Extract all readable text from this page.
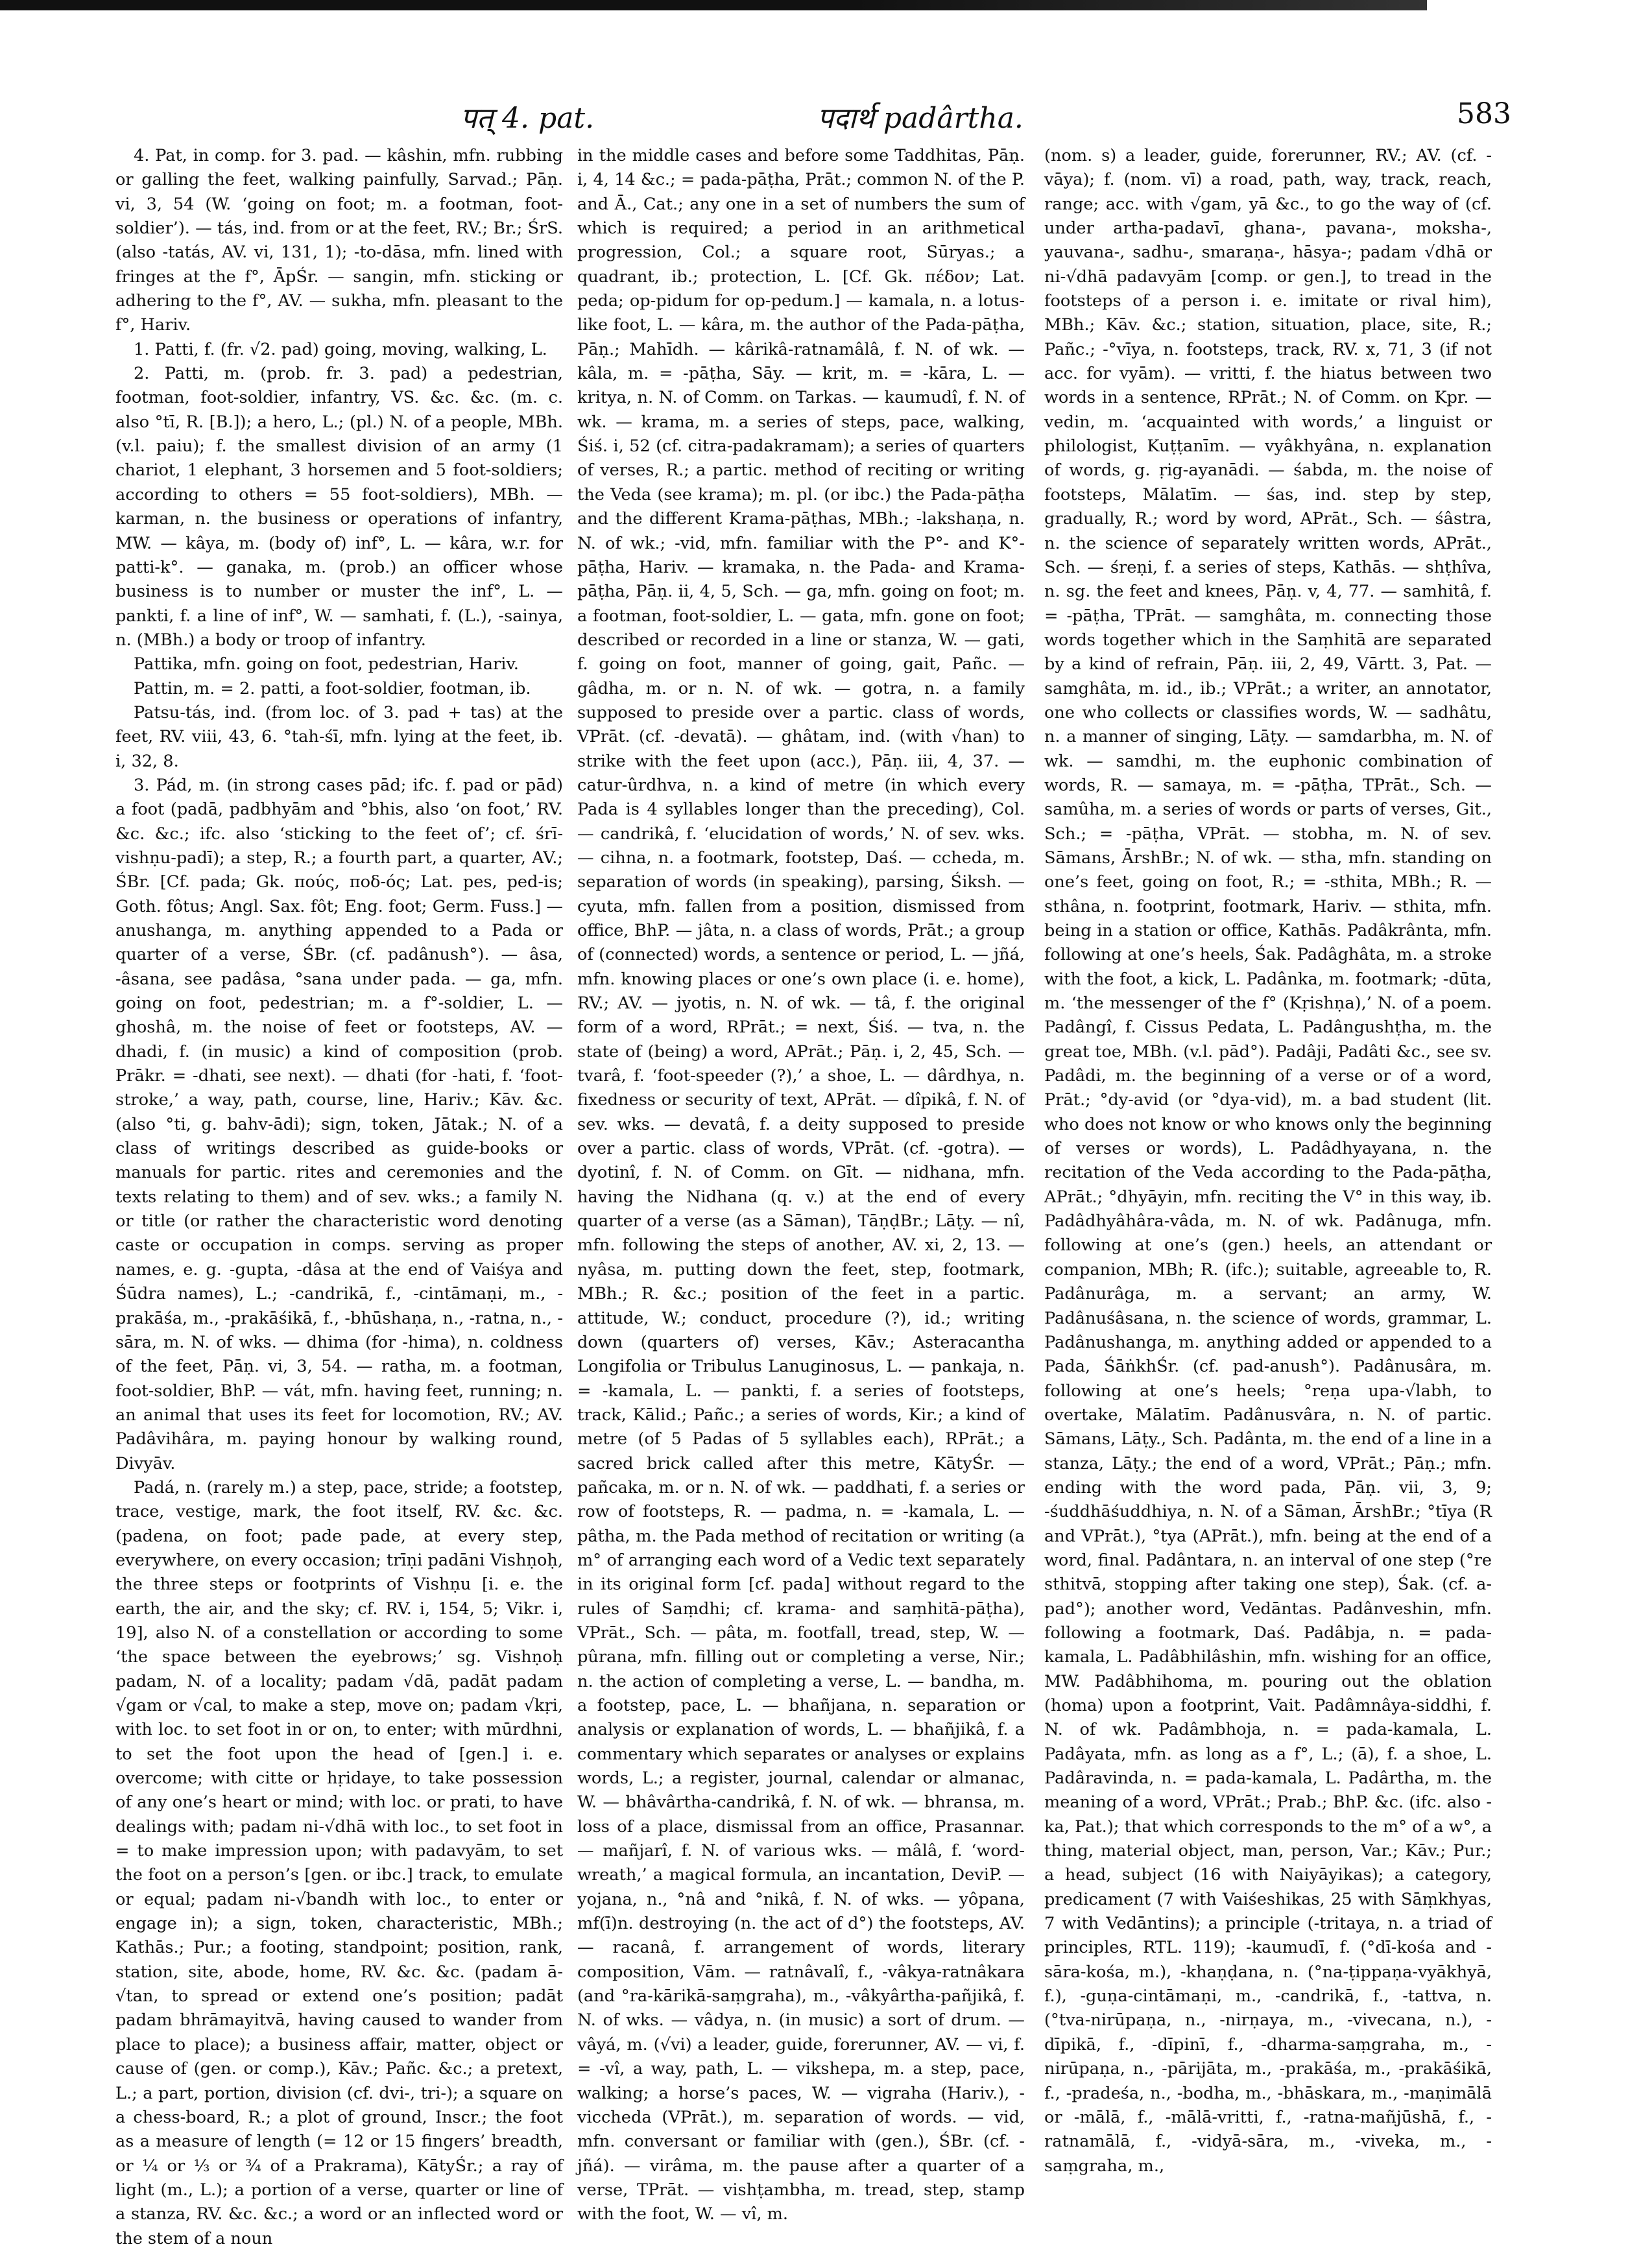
पत् 4. pat.	पदार्थ padârtha.	583

4. Pat, in comp. for 3. pad. — kâshin, mfn. rubbing or galling the feet, walking painfully, Sarvad.; Pāṇ. vi, 3, 54 (W. ‘going on foot; m. a footman, foot-soldier’). — tás, ind. from or at the feet, RV.; Br.; ŚrS. (also -tatás, AV. vi, 131, 1); -to-dāsa, mfn. lined with fringes at the f°, ĀpŚr. — sangin, mfn. sticking or adhering to the f°, AV. — sukha, mfn. pleasant to the f°, Hariv.

1. Patti, f. (fr. √2. pad) going, moving, walking, L.

2. Patti, m. (prob. fr. 3. pad) a pedestrian, footman, foot-soldier, infantry, VS. &c. &c. (m. c. also °tī, R. [B.]); a hero, L.; (pl.) N. of a people, MBh. (v.l. paiu); f. the smallest division of an army (1 chariot, 1 elephant, 3 horsemen and 5 foot-soldiers; according to others = 55 foot-soldiers), MBh. — karman, n. the business or operations of infantry, MW. — kâya, m. (body of) inf°, L. — kâra, w.r. for patti-k°. — ganaka, m. (prob.) an officer whose business is to number or muster the inf°, L. — pankti, f. a line of inf°, W. — samhati, f. (L.), -sainya, n. (MBh.) a body or troop of infantry.

Pattika, mfn. going on foot, pedestrian, Hariv.

Pattin, m. = 2. patti, a foot-soldier, footman, ib.

Patsu-tás, ind. (from loc. of 3. pad + tas) at the feet, RV. viii, 43, 6. °tah-śī, mfn. lying at the feet, ib. i, 32, 8.

3. Pád, m. (in strong cases pād; ifc. f. pad or pād) a foot (padā, padbhyām and °bhis, also ‘on foot,’ RV. &c. &c.; ifc. also ‘sticking to the feet of’; cf. śrī-vishṇu-padī); a step, R.; a fourth part, a quarter, AV.; ŚBr. [Cf. pada; Gk. πούς, ποδ-ός; Lat. pes, ped-is; Goth. fôtus; Angl. Sax. fôt; Eng. foot; Germ. Fuss.] — anushanga, m. anything appended to a Pada or quarter of a verse, ŚBr. (cf. padânush°). — âsa, -âsana, see padâsa, °sana under pada. — ga, mfn. going on foot, pedestrian; m. a f°-soldier, L. — ghoshâ, m. the noise of feet or footsteps, AV. — dhadi, f. (in music) a kind of composition (prob. Prākr. = -dhati, see next). — dhati (for -hati, f. ‘foot-stroke,’ a way, path, course, line, Hariv.; Kāv. &c. (also °ti, g. bahv-ādi); sign, token, Jātak.; N. of a class of writings described as guide-books or manuals for partic. rites and ceremonies and the texts relating to them) and of sev. wks.; a family N. or title (or rather the characteristic word denoting caste or occupation in comps. serving as proper names, e. g. -gupta, -dâsa at the end of Vaiśya and Śūdra names), L.; -candrikā, f., -cintāmaṇi, m., -prakāśa, m., -prakāśikā, f., -bhūshaṇa, n., -ratna, n., -sāra, m. N. of wks. — dhima (for -hima), n. coldness of the feet, Pāṇ. vi, 3, 54. — ratha, m. a footman, foot-soldier, BhP. — vát, mfn. having feet, running; n. an animal that uses its feet for locomotion, RV.; AV. Padâvihâra, m. paying honour by walking round, Divyāv.

Padá, n. (rarely m.) a step, pace, stride; a footstep, trace, vestige, mark, the foot itself, RV. &c. &c. (padena, on foot; pade pade, at every step, everywhere, on every occasion; trīṇi padāni Vishṇoḥ, the three steps or footprints of Vishṇu [i. e. the earth, the air, and the sky; cf. RV. i, 154, 5; Vikr. i, 19], also N. of a constellation or according to some ‘the space between the eyebrows;’ sg. Vishṇoḥ padam, N. of a locality; padam √dā, padāt padam √gam or √cal, to make a step, move on; padam √kṛi, with loc. to set foot in or on, to enter; with mūrdhni, to set the foot upon the head of [gen.] i. e. overcome; with citte or hṛidaye, to take possession of any one’s heart or mind; with loc. or prati, to have dealings with; padam ni-√dhā with loc., to set foot in = to make impression upon; with padavyām, to set the foot on a person’s [gen. or ibc.] track, to emulate or equal; padam ni-√bandh with loc., to enter or engage in); a sign, token, characteristic, MBh.; Kathās.; Pur.; a footing, standpoint; position, rank, station, site, abode, home, RV. &c. &c. (padam ā-√tan, to spread or extend one’s position; padāt padam bhrāmayitvā, having caused to wander from place to place); a business affair, matter, object or cause of (gen. or comp.), Kāv.; Pañc. &c.; a pretext, L.; a part, portion, division (cf. dvi-, tri-); a square on a chess-board, R.; a plot of ground, Inscr.; the foot as a measure of length (= 12 or 15 fingers’ breadth, or ¼ or ⅓ or ¾ of a Prakrama), KātyŚr.; a ray of light (m., L.); a portion of a verse, quarter or line of a stanza, RV. &c. &c.; a word or an inflected word or the stem of a noun

in the middle cases and before some Taddhitas, Pāṇ. i, 4, 14 &c.; = pada-pāṭha, Prāt.; common N. of the P. and Ā., Cat.; any one in a set of numbers the sum of which is required; a period in an arithmetical progression, Col.; a square root, Sūryas.; a quadrant, ib.; protection, L. [Cf. Gk. πέδον; Lat. peda; op-pidum for op-pedum.] — kamala, n. a lotus-like foot, L. — kâra, m. the author of the Pada-pāṭha, Pāṇ.; Mahīdh. — kârikâ-ratnamâlâ, f. N. of wk. — kâla, m. = -pāṭha, Sāy. — krit, m. = -kāra, L. — kritya, n. N. of Comm. on Tarkas. — kaumudî, f. N. of wk. — krama, m. a series of steps, pace, walking, Śiś. i, 52 (cf. citra-padakramam); a series of quarters of verses, R.; a partic. method of reciting or writing the Veda (see krama); m. pl. (or ibc.) the Pada-pāṭha and the different Krama-pāṭhas, MBh.; -lakshaṇa, n. N. of wk.; -vid, mfn. familiar with the P°- and K°-pāṭha, Hariv. — kramaka, n. the Pada- and Krama-pāṭha, Pāṇ. ii, 4, 5, Sch. — ga, mfn. going on foot; m. a footman, foot-soldier, L. — gata, mfn. gone on foot; described or recorded in a line or stanza, W. — gati, f. going on foot, manner of going, gait, Pañc. — gâdha, m. or n. N. of wk. — gotra, n. a family supposed to preside over a partic. class of words, VPrāt. (cf. -devatā). — ghâtam, ind. (with √han) to strike with the feet upon (acc.), Pāṇ. iii, 4, 37. — catur-ûrdhva, n. a kind of metre (in which every Pada is 4 syllables longer than the preceding), Col. — candrikâ, f. ‘elucidation of words,’ N. of sev. wks. — cihna, n. a footmark, footstep, Daś. — ccheda, m. separation of words (in speaking), parsing, Śiksh. — cyuta, mfn. fallen from a position, dismissed from office, BhP. — jâta, n. a class of words, Prāt.; a group of (connected) words, a sentence or period, L. — jñá, mfn. knowing places or one’s own place (i. e. home), RV.; AV. — jyotis, n. N. of wk. — tâ, f. the original form of a word, RPrāt.; = next, Śiś. — tva, n. the state of (being) a word, APrāt.; Pāṇ. i, 2, 45, Sch. — tvarâ, f. ‘foot-speeder (?),’ a shoe, L. — dârdhya, n. fixedness or security of text, APrāt. — dîpikâ, f. N. of sev. wks. — devatâ, f. a deity supposed to preside over a partic. class of words, VPrāt. (cf. -gotra). — dyotinî, f. N. of Comm. on Gīt. — nidhana, mfn. having the Nidhana (q. v.) at the end of every quarter of a verse (as a Sāman), TāṇḍBr.; Lāṭy. — nî, mfn. following the steps of another, AV. xi, 2, 13. — nyâsa, m. putting down the feet, step, footmark, MBh.; R. &c.; position of the feet in a partic. attitude, W.; conduct, procedure (?), id.; writing down (quarters of) verses, Kāv.; Asteracantha Longifolia or Tribulus Lanuginosus, L. — pankaja, n. = -kamala, L. — pankti, f. a series of footsteps, track, Kālid.; Pañc.; a series of words, Kir.; a kind of metre (of 5 Padas of 5 syllables each), RPrāt.; a sacred brick called after this metre, KātyŚr. — pañcaka, m. or n. N. of wk. — paddhati, f. a series or row of footsteps, R. — padma, n. = -kamala, L. — pâtha, m. the Pada method of recitation or writing (a m° of arranging each word of a Vedic text separately in its original form [cf. pada] without regard to the rules of Saṃdhi; cf. krama- and saṃhitā-pāṭha), VPrāt., Sch. — pâta, m. footfall, tread, step, W. — pûrana, mfn. filling out or completing a verse, Nir.; n. the action of completing a verse, L. — bandha, m. a footstep, pace, L. — bhañjana, n. separation or analysis or explanation of words, L. — bhañjikâ, f. a commentary which separates or analyses or explains words, L.; a register, journal, calendar or almanac, W. — bhâvârtha-candrikâ, f. N. of wk. — bhransa, m. loss of a place, dismissal from an office, Prasannar. — mañjarî, f. N. of various wks. — mâlâ, f. ‘word-wreath,’ a magical formula, an incantation, DeviP. — yojana, n., °nâ and °nikâ, f. N. of wks. — yôpana, mf(ī)n. destroying (n. the act of d°) the footsteps, AV. — racanâ, f. arrangement of words, literary composition, Vām. — ratnâvalî, f., -vâkya-ratnâkara (and °ra-kārikā-saṃgraha), m., -vâkyârtha-pañjikâ, f. N. of wks. — vâdya, n. (in music) a sort of drum. — vâyá, m. (√vi) a leader, guide, forerunner, AV. — vi, f. = -vî, a way, path, L. — vikshepa, m. a step, pace, walking; a horse’s paces, W. — vigraha (Hariv.), -viccheda (VPrāt.), m. separation of words. — vid, mfn. conversant or familiar with (gen.), ŚBr. (cf. -jñá). — virâma, m. the pause after a quarter of a verse, TPrāt. — vishṭambha, m. tread, step, stamp with the foot, W. — vî, m.

(nom. s) a leader, guide, forerunner, RV.; AV. (cf. -vāya); f. (nom. vī) a road, path, way, track, reach, range; acc. with √gam, yā &c., to go the way of (cf. under artha-padavī, ghana-, pavana-, moksha-, yauvana-, sadhu-, smaraṇa-, hāsya-; padam √dhā or ni-√dhā padavyām [comp. or gen.], to tread in the footsteps of a person i. e. imitate or rival him), MBh.; Kāv. &c.; station, situation, place, site, R.; Pañc.; -°vīya, n. footsteps, track, RV. x, 71, 3 (if not acc. for vyām). — vritti, f. the hiatus between two words in a sentence, RPrāt.; N. of Comm. on Kpr. — vedin, m. ‘acquainted with words,’ a linguist or philologist, Kuṭṭanīm. — vyâkhyâna, n. explanation of words, g. ṛig-ayanādi. — śabda, m. the noise of footsteps, Mālatīm. — śas, ind. step by step, gradually, R.; word by word, APrāt., Sch. — śâstra, n. the science of separately written words, APrāt., Sch. — śreṇi, f. a series of steps, Kathās. — shṭhîva, n. sg. the feet and knees, Pāṇ. v, 4, 77. — samhitâ, f. = -pāṭha, TPrāt. — samghâta, m. connecting those words together which in the Saṃhitā are separated by a kind of refrain, Pāṇ. iii, 2, 49, Vārtt. 3, Pat. — samghâta, m. id., ib.; VPrāt.; a writer, an annotator, one who collects or classifies words, W. — sadhâtu, n. a manner of singing, Lāṭy. — samdarbha, m. N. of wk. — samdhi, m. the euphonic combination of words, R. — samaya, m. = -pāṭha, TPrāt., Sch. — samûha, m. a series of words or parts of verses, Git., Sch.; = -pāṭha, VPrāt. — stobha, m. N. of sev. Sāmans, ĀrshBr.; N. of wk. — stha, mfn. standing on one’s feet, going on foot, R.; = -sthita, MBh.; R. — sthâna, n. footprint, footmark, Hariv. — sthita, mfn. being in a station or office, Kathās. Padâkrânta, mfn. following at one’s heels, Śak. Padâghâta, m. a stroke with the foot, a kick, L. Padânka, m. footmark; -dūta, m. ‘the messenger of the f° (Kṛishṇa),’ N. of a poem. Padângî, f. Cissus Pedata, L. Padângushṭha, m. the great toe, MBh. (v.l. pād°). Padâji, Padâti &c., see sv. Padâdi, m. the beginning of a verse or of a word, Prāt.; °dy-avid (or °dya-vid), m. a bad student (lit. who does not know or who knows only the beginning of verses or words), L. Padâdhyayana, n. the recitation of the Veda according to the Pada-pāṭha, APrāt.; °dhyāyin, mfn. reciting the V° in this way, ib. Padâdhyâhâra-vâda, m. N. of wk. Padânuga, mfn. following at one’s (gen.) heels, an attendant or companion, MBh; R. (ifc.); suitable, agreeable to, R. Padânurâga, m. a servant; an army, W. Padânuśâsana, n. the science of words, grammar, L. Padânushanga, m. anything added or appended to a Pada, ŚāṅkhŚr. (cf. pad-anush°). Padânusâra, m. following at one’s heels; °reṇa upa-√labh, to overtake, Mālatīm. Padânusvâra, n. N. of partic. Sāmans, Lāṭy., Sch. Padânta, m. the end of a line in a stanza, Lāṭy.; the end of a word, VPrāt.; Pāṇ.; mfn. ending with the word pada, Pāṇ. vii, 3, 9; -śuddhāśuddhiya, n. N. of a Sāman, ĀrshBr.; °tīya (R and VPrāt.), °tya (APrāt.), mfn. being at the end of a word, final. Padântara, n. an interval of one step (°re sthitvā, stopping after taking one step), Śak. (cf. a-pad°); another word, Vedāntas. Padânveshin, mfn. following a footmark, Daś. Padâbja, n. = pada-kamala, L. Padâbhilâshin, mfn. wishing for an office, MW. Padâbhihoma, m. pouring out the oblation (homa) upon a footprint, Vait. Padâmnâya-siddhi, f. N. of wk. Padâmbhoja, n. = pada-kamala, L. Padâyata, mfn. as long as a f°, L.; (ā), f. a shoe, L. Padâravinda, n. = pada-kamala, L. Padârtha, m. the meaning of a word, VPrāt.; Prab.; BhP. &c. (ifc. also -ka, Pat.); that which corresponds to the m° of a w°, a thing, material object, man, person, Var.; Kāv.; Pur.; a head, subject (16 with Naiyāyikas); a category, predicament (7 with Vaiśeshikas, 25 with Sāṃkhyas, 7 with Vedāntins); a principle (-tritaya, n. a triad of principles, RTL. 119); -kaumudī, f. (°dī-kośa and -sāra-kośa, m.), -khaṇḍana, n. (°na-ṭippaṇa-vyākhyā, f.), -guṇa-cintāmaṇi, m., -candrikā, f., -tattva, n. (°tva-nirūpaṇa, n., -nirṇaya, m., -vivecana, n.), -dīpikā, f., -dīpinī, f., -dharma-saṃgraha, m., -nirūpaṇa, n., -pārijāta, m., -prakāśa, m., -prakāśikā, f., -pradeśa, n., -bodha, m., -bhāskara, m., -maṇimālā or -mālā, f., -mālā-vritti, f., -ratna-mañjūshā, f., -ratnamālā, f., -vidyā-sāra, m., -viveka, m., -saṃgraha, m.,
